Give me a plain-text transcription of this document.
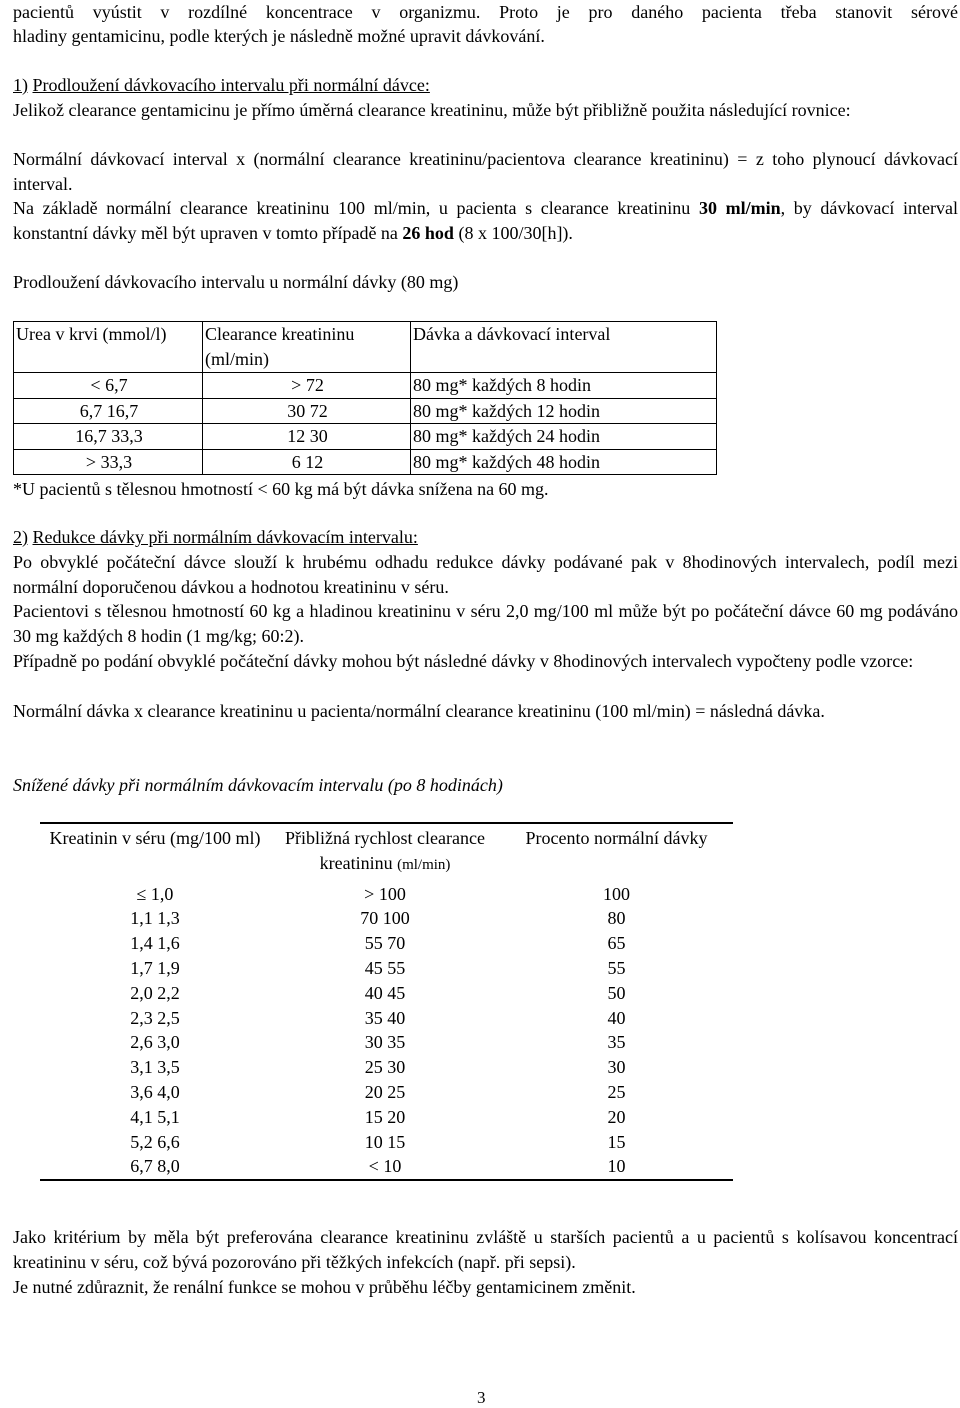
pacientů vyústit v rozdílné koncentrace v organizmu. Proto je pro daného pacienta třeba stanovit sérové

hladiny gentamicinu, podle kterých je následně možné upravit dávkování.

1) Prodloužení dávkovacího intervalu při normální dávce:

Jelikož clearance gentamicinu je přímo úměrná clearance kreatininu, může být přibližně použita následující rovnice:

Normální dávkovací interval x (normální clearance kreatininu/pacientova clearance kreatininu) = z toho plynoucí dávkovací interval.

Na základě normální clearance kreatininu 100 ml/min, u pacienta s clearance kreatininu 30 ml/min, by dávkovací interval konstantní dávky měl být upraven v tomto případě na 26 hod (8 x 100/30[h]).

Prodloužení dávkovacího intervalu u normální dávky (80 mg)

Urea v krvi (mmol/l)	Clearance kreatininu (ml/min)	Dávka a dávkovací interval
< 6,7	> 72	80 mg* každých 8 hodin
6,7 16,7	30 72	80 mg* každých 12 hodin
16,7 33,3	12 30	80 mg* každých 24 hodin
> 33,3	6 12	80 mg* každých 48 hodin

*U pacientů s tělesnou hmotností < 60 kg má být dávka snížena na 60 mg.

2) Redukce dávky při normálním dávkovacím intervalu:

Po obvyklé počáteční dávce slouží k hrubému odhadu redukce dávky podávané pak v 8hodinových intervalech, podíl mezi normální doporučenou dávkou a hodnotou kreatininu v séru.

Pacientovi s tělesnou hmotností 60 kg a hladinou kreatininu v séru 2,0 mg/100 ml může být po počáteční dávce 60 mg podáváno 30 mg každých 8 hodin (1 mg/kg; 60:2).

Případně po podání obvyklé počáteční dávky mohou být následné dávky v 8hodinových intervalech vypočteny podle vzorce:

Normální dávka x clearance kreatininu u pacienta/normální clearance kreatininu (100 ml/min) = následná dávka.

Snížené dávky při normálním dávkovacím intervalu (po 8 hodinách)

Kreatinin v séru (mg/100 ml)	Přibližná rychlost clearance kreatininu (ml/min)	Procento normální dávky
≤ 1,0	> 100	100
1,1 1,3	70 100	80
1,4 1,6	55 70	65
1,7 1,9	45 55	55
2,0 2,2	40 45	50
2,3 2,5	35 40	40
2,6 3,0	30 35	35
3,1 3,5	25 30	30
3,6 4,0	20 25	25
4,1 5,1	15 20	20
5,2 6,6	10 15	15
6,7 8,0	< 10	10

Jako kritérium by měla být preferována clearance kreatininu zvláště u starších pacientů a u pacientů s kolísavou koncentrací kreatininu v séru, což bývá pozorováno při těžkých infekcích (např. při sepsi).

Je nutné zdůraznit, že renální funkce se mohou v průběhu léčby gentamicinem změnit.

3
